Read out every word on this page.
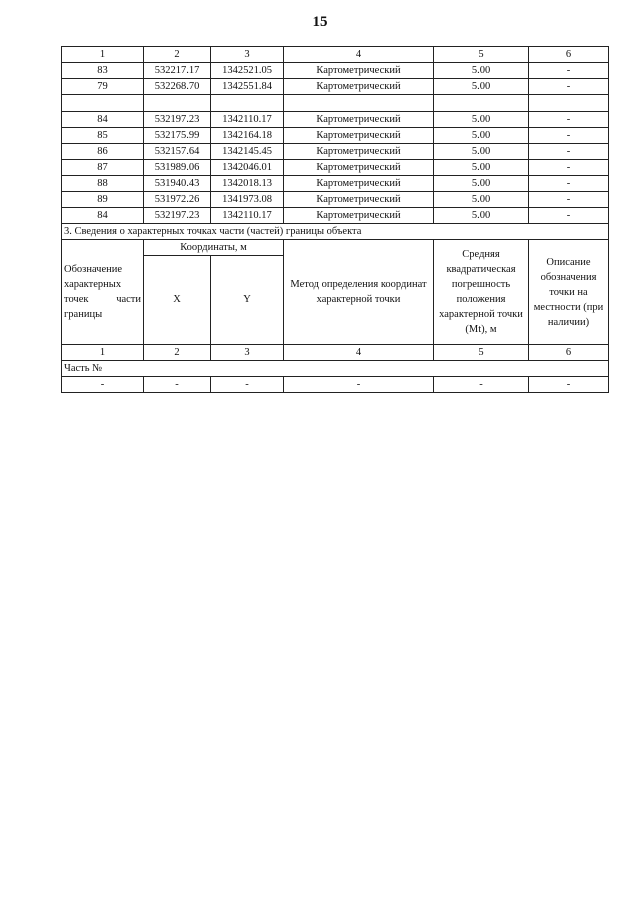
15
1	2	3	4	5	6
83	532217.17	1342521.05	Картометрический	5.00	-
79	532268.70	1342551.84	Картометрический	5.00	-

84	532197.23	1342110.17	Картометрический	5.00	-
85	532175.99	1342164.18	Картометрический	5.00	-
86	532157.64	1342145.45	Картометрический	5.00	-
87	531989.06	1342046.01	Картометрический	5.00	-
88	531940.43	1342018.13	Картометрический	5.00	-
89	531972.26	1341973.08	Картометрический	5.00	-
84	532197.23	1342110.17	Картометрический	5.00	-
3. Сведения о характерных точках части (частей) границы объекта					
Обозначение характерных точек части границы	Координаты, м		Метод определения координат характерной точки	Средняя квадратическая погрешность положения характерной точки (Mt), м	Описание обозначения точки на местности (при наличии)
	X	Y			
1	2	3	4	5	6
Часть №					
-	-	-	-	-	-
